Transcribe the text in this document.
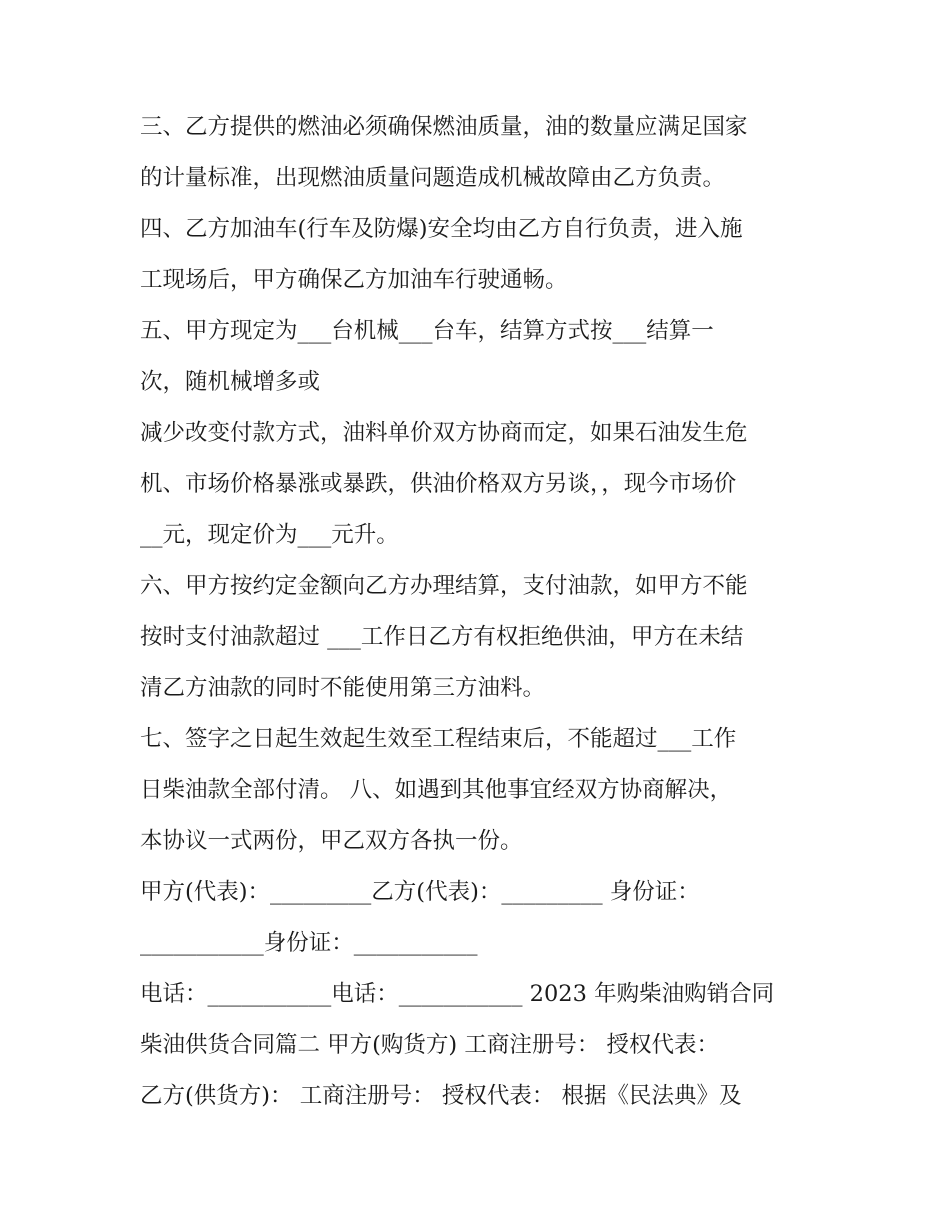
三、乙方提供的燃油必须确保燃油质量，油的数量应满足国家
的计量标准，出现燃油质量问题造成机械故障由乙方负责。
四、乙方加油车(行车及防爆)安全均由乙方自行负责，进入施
工现场后，甲方确保乙方加油车行驶通畅。
五、甲方现定为___台机械___台车，结算方式按___结算一
次，随机械增多或
减少改变付款方式，油料单价双方协商而定，如果石油发生危
机、市场价格暴涨或暴跌，供油价格双方另谈，，现今市场价
__元，现定价为___元升。
六、甲方按约定金额向乙方办理结算，支付油款，如甲方不能
按时支付油款超过 ___工作日乙方有权拒绝供油，甲方在未结
清乙方油款的同时不能使用第三方油料。
七、签字之日起生效起生效至工程结束后，不能超过___工作
日柴油款全部付清。 八、如遇到其他事宜经双方协商解决，
本协议一式两份，甲乙双方各执一份。
甲方(代表)：_________乙方(代表)：_________ 身份证：
___________身份证：___________
电话：___________电话：___________ 2023 年购柴油购销合同
柴油供货合同篇二 甲方(购货方) 工商注册号： 授权代表：
乙方(供货方)： 工商注册号： 授权代表： 根据《民法典》及
